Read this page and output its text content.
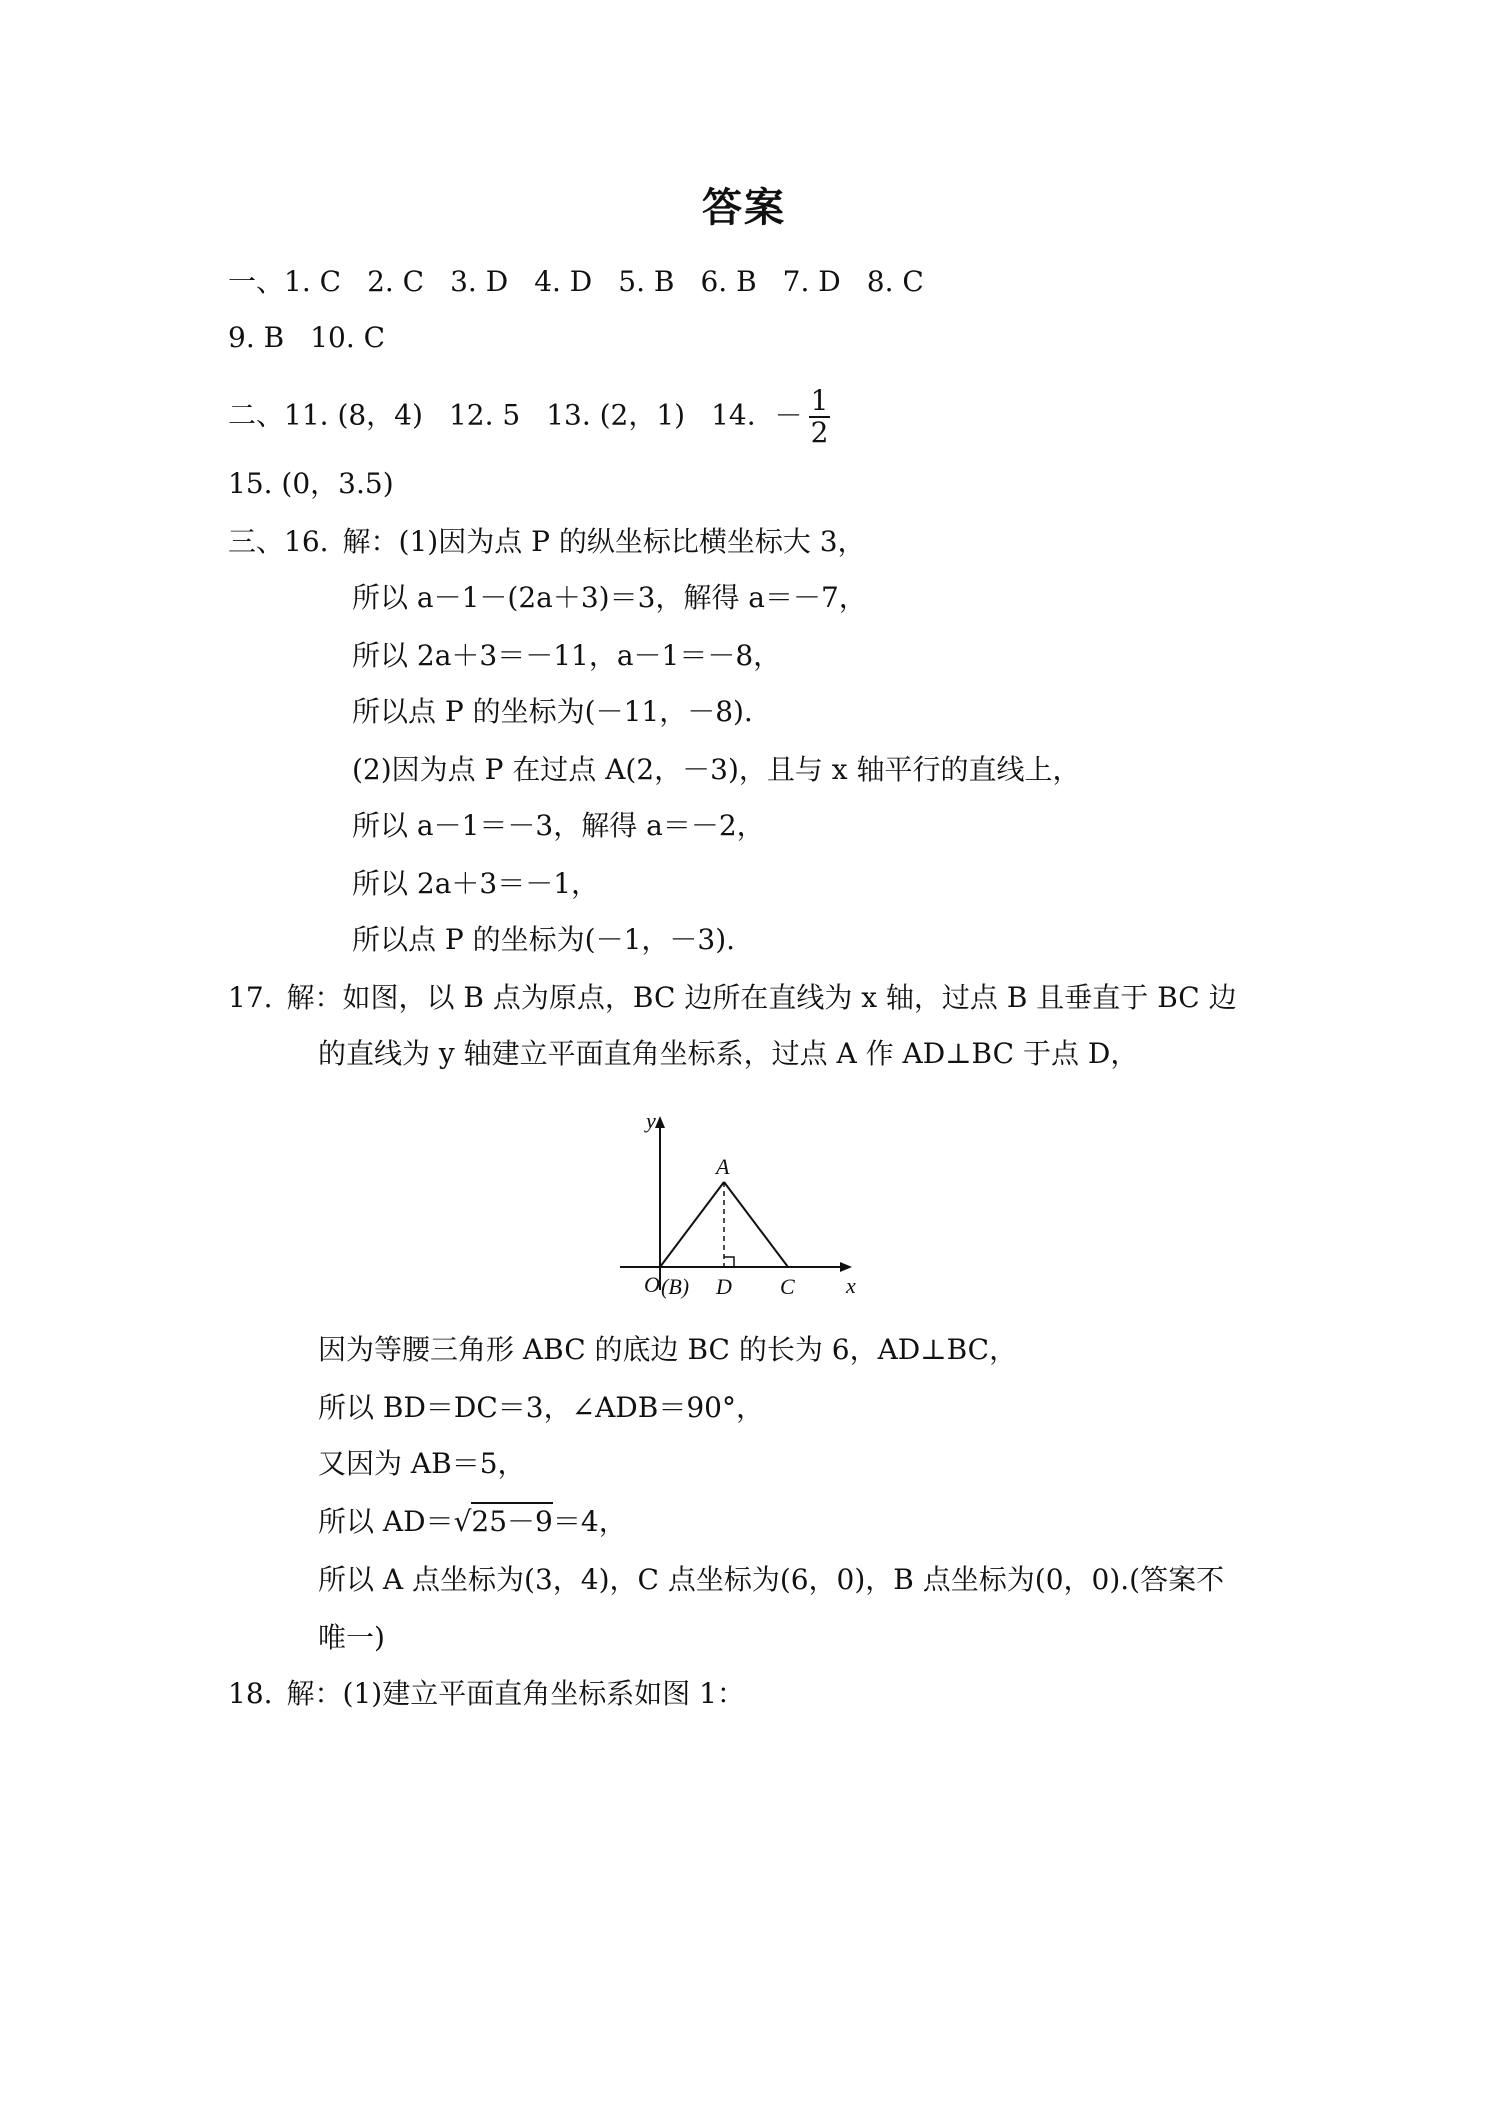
答案
一、1. C 2. C 3. D 4. D 5. B 6. B 7. D 8. C
9. B 10. C
二、11. (8，4) 12. 5 13. (2，1) 14. － $\frac{1}{2}$
15. (0，3.5)
三、16. 解：(1)因为点 P 的纵坐标比横坐标大 3，
所以 a－1－(2a＋3)＝3，解得 a＝－7，
所以 2a＋3＝－11，a－1＝－8，
所以点 P 的坐标为(－11，－8).
(2)因为点 P 在过点 A(2，－3)，且与 x 轴平行的直线上，
所以 a－1＝－3，解得 a＝－2，
所以 2a＋3＝－1，
所以点 P 的坐标为(－1，－3).
17. 解：如图，以 B 点为原点，BC 边所在直线为 x 轴，过点 B 且垂直于 BC 边
的直线为 y 轴建立平面直角坐标系，过点 A 作 AD⊥BC 于点 D，
y
x
O (B)
A
D C
因为等腰三角形 ABC 的底边 BC 的长为 6，AD⊥BC，
所以 BD＝DC＝3，∠ADB＝90°，
又因为 AB＝5，
所以 AD＝√25－9＝4，
所以 A 点坐标为(3，4)，C 点坐标为(6，0)，B 点坐标为(0，0).(答案不
唯一)
18. 解：(1)建立平面直角坐标系如图 1：
